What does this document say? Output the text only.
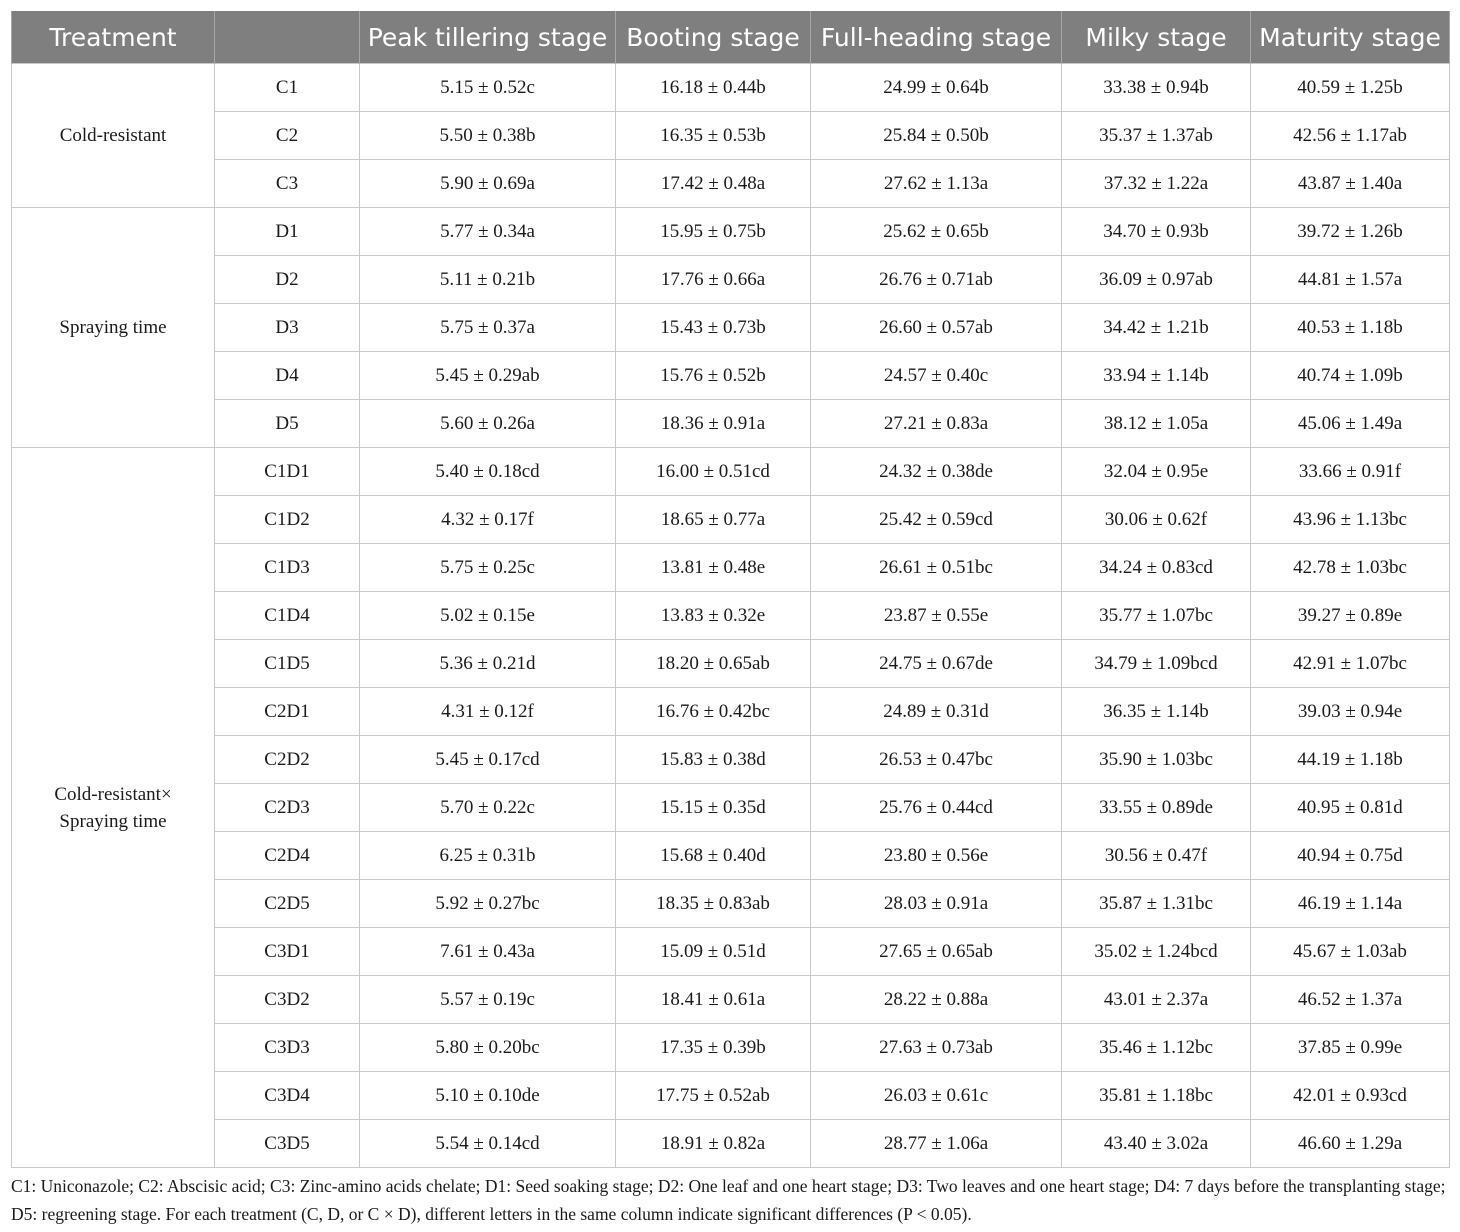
Treatment		Peak tillering stage	Booting stage	Full-heading stage	Milky stage	Maturity stage
Cold-resistant	C1	5.15 ± 0.52c	16.18 ± 0.44b	24.99 ± 0.64b	33.38 ± 0.94b	40.59 ± 1.25b
	C2	5.50 ± 0.38b	16.35 ± 0.53b	25.84 ± 0.50b	35.37 ± 1.37ab	42.56 ± 1.17ab
	C3	5.90 ± 0.69a	17.42 ± 0.48a	27.62 ± 1.13a	37.32 ± 1.22a	43.87 ± 1.40a
Spraying time	D1	5.77 ± 0.34a	15.95 ± 0.75b	25.62 ± 0.65b	34.70 ± 0.93b	39.72 ± 1.26b
	D2	5.11 ± 0.21b	17.76 ± 0.66a	26.76 ± 0.71ab	36.09 ± 0.97ab	44.81 ± 1.57a
	D3	5.75 ± 0.37a	15.43 ± 0.73b	26.60 ± 0.57ab	34.42 ± 1.21b	40.53 ± 1.18b
	D4	5.45 ± 0.29ab	15.76 ± 0.52b	24.57 ± 0.40c	33.94 ± 1.14b	40.74 ± 1.09b
	D5	5.60 ± 0.26a	18.36 ± 0.91a	27.21 ± 0.83a	38.12 ± 1.05a	45.06 ± 1.49a
Cold-resistant×
Spraying time	C1D1	5.40 ± 0.18cd	16.00 ± 0.51cd	24.32 ± 0.38de	32.04 ± 0.95e	33.66 ± 0.91f
	C1D2	4.32 ± 0.17f	18.65 ± 0.77a	25.42 ± 0.59cd	30.06 ± 0.62f	43.96 ± 1.13bc
	C1D3	5.75 ± 0.25c	13.81 ± 0.48e	26.61 ± 0.51bc	34.24 ± 0.83cd	42.78 ± 1.03bc
	C1D4	5.02 ± 0.15e	13.83 ± 0.32e	23.87 ± 0.55e	35.77 ± 1.07bc	39.27 ± 0.89e
	C1D5	5.36 ± 0.21d	18.20 ± 0.65ab	24.75 ± 0.67de	34.79 ± 1.09bcd	42.91 ± 1.07bc
	C2D1	4.31 ± 0.12f	16.76 ± 0.42bc	24.89 ± 0.31d	36.35 ± 1.14b	39.03 ± 0.94e
	C2D2	5.45 ± 0.17cd	15.83 ± 0.38d	26.53 ± 0.47bc	35.90 ± 1.03bc	44.19 ± 1.18b
	C2D3	5.70 ± 0.22c	15.15 ± 0.35d	25.76 ± 0.44cd	33.55 ± 0.89de	40.95 ± 0.81d
	C2D4	6.25 ± 0.31b	15.68 ± 0.40d	23.80 ± 0.56e	30.56 ± 0.47f	40.94 ± 0.75d
	C2D5	5.92 ± 0.27bc	18.35 ± 0.83ab	28.03 ± 0.91a	35.87 ± 1.31bc	46.19 ± 1.14a
	C3D1	7.61 ± 0.43a	15.09 ± 0.51d	27.65 ± 0.65ab	35.02 ± 1.24bcd	45.67 ± 1.03ab
	C3D2	5.57 ± 0.19c	18.41 ± 0.61a	28.22 ± 0.88a	43.01 ± 2.37a	46.52 ± 1.37a
	C3D3	5.80 ± 0.20bc	17.35 ± 0.39b	27.63 ± 0.73ab	35.46 ± 1.12bc	37.85 ± 0.99e
	C3D4	5.10 ± 0.10de	17.75 ± 0.52ab	26.03 ± 0.61c	35.81 ± 1.18bc	42.01 ± 0.93cd
	C3D5	5.54 ± 0.14cd	18.91 ± 0.82a	28.77 ± 1.06a	43.40 ± 3.02a	46.60 ± 1.29a
C1: Uniconazole; C2: Abscisic acid; C3: Zinc-amino acids chelate; D1: Seed soaking stage; D2: One leaf and one heart stage; D3: Two leaves and one heart stage; D4: 7 days before the transplanting stage; D5: regreening stage. For each treatment (C, D, or C × D), different letters in the same column indicate significant differences (P < 0.05).
